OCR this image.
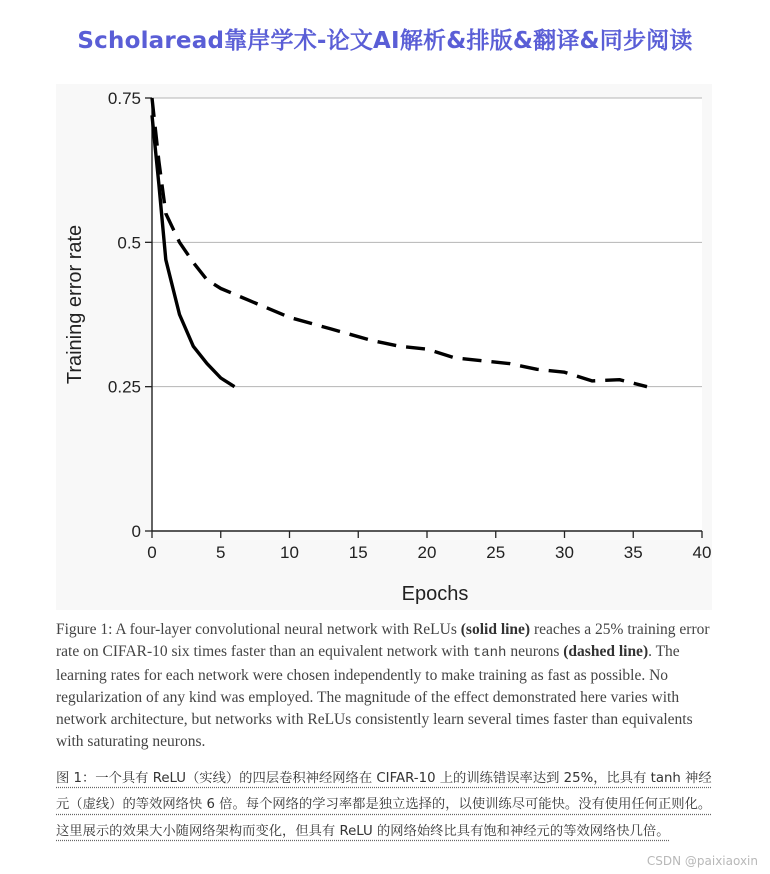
Scholaread靠岸学术-论文AI解析&排版&翻译&同步阅读
0
0.25
0.5
0.75
0	5	10	15	20	25	30	35	40
Epochs
Training error rate
Figure 1: A four-layer convolutional neural network with ReLUs (solid line) reaches a 25% training error rate on CIFAR-10 six times faster than an equivalent network with tanh neurons (dashed line). The learning rates for each network were chosen independently to make training as fast as possible. No regularization of any kind was employed. The magnitude of the effect demonstrated here varies with network architecture, but networks with ReLUs consistently learn several times faster than equivalents with saturating neurons.
图 1：一个具有 ReLU（实线）的四层卷积神经网络在 CIFAR-10 上的训练错误率达到 25%，比具有 tanh 神经元（虚线）的等效网络快 6 倍。每个网络的学习率都是独立选择的，以使训练尽可能快。没有使用任何正则化。这里展示的效果大小随网络架构而变化，但具有 ReLU 的网络始终比具有饱和神经元的等效网络快几倍。
CSDN @paixiaoxin
